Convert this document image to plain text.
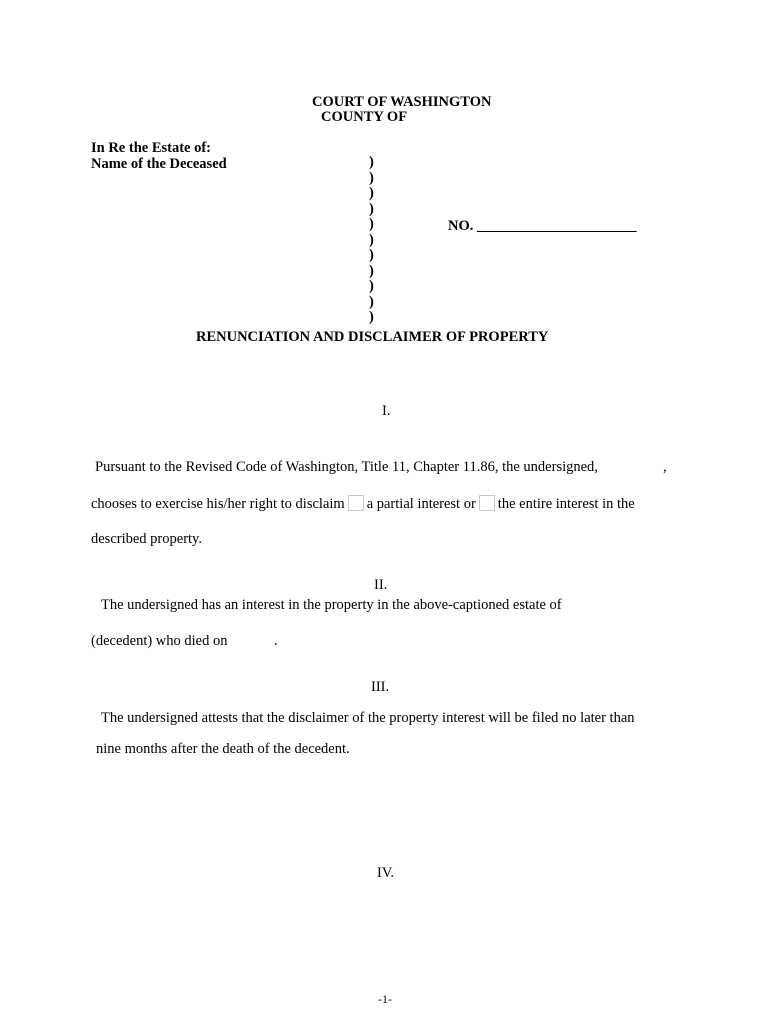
COURT OF WASHINGTON
COUNTY OF
In Re the Estate of:
Name of the Deceased	)
)
)
)
)
)
)
)
)
)
)
NO. ______________________
RENUNCIATION AND DISCLAIMER OF PROPERTY
I.
Pursuant to the Revised Code of Washington, Title 11, Chapter 11.86, the undersigned,	,
chooses to exercise his/her right to disclaim a partial interest or the entire interest in the
described property.
II.
The undersigned has an interest in the property in the above-captioned estate of
(decedent) who died on	.
III.
The undersigned attests that the disclaimer of the property interest will be filed no later than
nine months after the death of the decedent.
IV.
-1-
